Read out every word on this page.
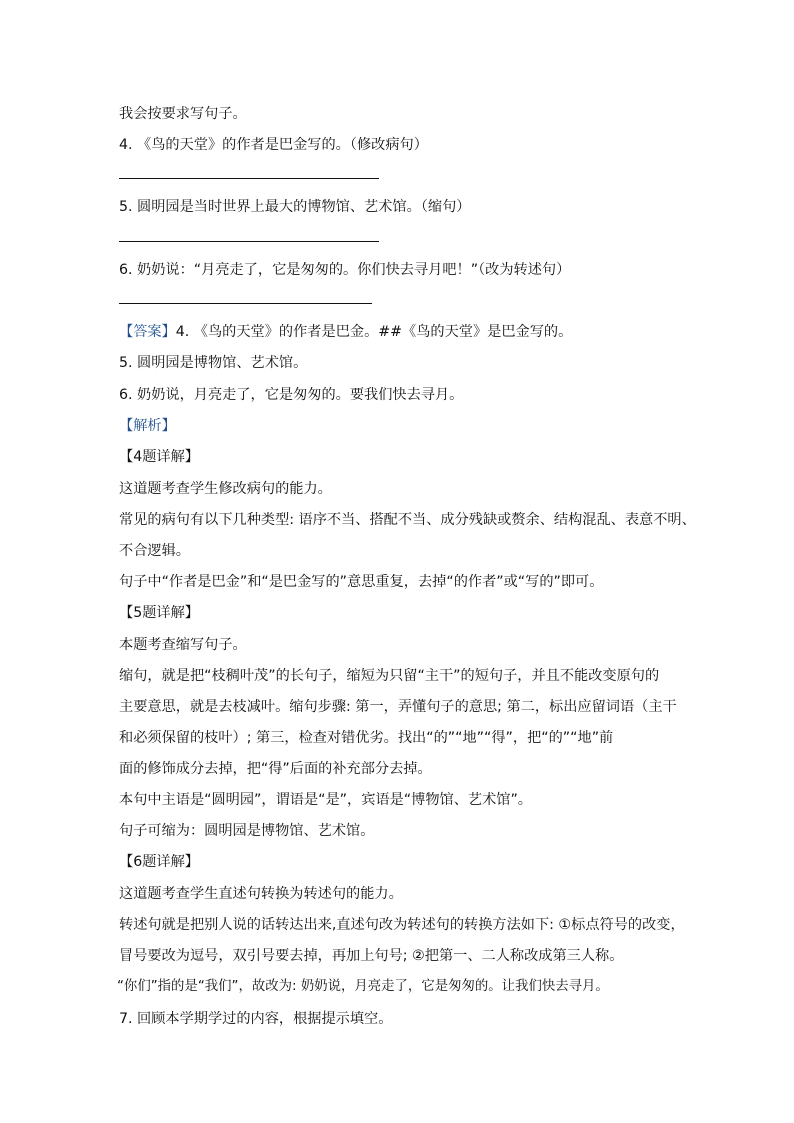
我会按要求写句子。
4. 《鸟的天堂》的作者是巴金写的。（修改病句）
5. 圆明园是当时世界上最大的博物馆、艺术馆。（缩句）
6. 奶奶说：“月亮走了，它是匆匆的。你们快去寻月吧！”（改为转述句）
【答案】4. 《鸟的天堂》的作者是巴金。##《鸟的天堂》是巴金写的。
5. 圆明园是博物馆、艺术馆。
6. 奶奶说，月亮走了，它是匆匆的。要我们快去寻月。
【解析】
【4题详解】
这道题考查学生修改病句的能力。
常见的病句有以下几种类型: 语序不当、搭配不当、成分残缺或赘余、结构混乱、表意不明、
不合逻辑。
句子中“作者是巴金”和“是巴金写的”意思重复，去掉“的作者”或“写的”即可。
【5题详解】
本题考查缩写句子。
缩句，就是把“枝稠叶茂”的长句子，缩短为只留“主干”的短句子，并且不能改变原句的
主要意思，就是去枝减叶。缩句步骤: 第一，弄懂句子的意思; 第二，标出应留词语（主干
和必须保留的枝叶）; 第三，检查对错优劣。找出“的”“地”“得”，把“的”“地”前
面的修饰成分去掉，把“得”后面的补充部分去掉。
本句中主语是“圆明园”，谓语是“是”，宾语是“博物馆、艺术馆”。
句子可缩为：圆明园是博物馆、艺术馆。
【6题详解】
这道题考查学生直述句转换为转述句的能力。
转述句就是把别人说的话转达出来,直述句改为转述句的转换方法如下: ①标点符号的改变，
冒号要改为逗号，双引号要去掉，再加上句号; ②把第一、二人称改成第三人称。
“你们”指的是“我们”，故改为: 奶奶说，月亮走了，它是匆匆的。让我们快去寻月。
7. 回顾本学期学过的内容，根据提示填空。
